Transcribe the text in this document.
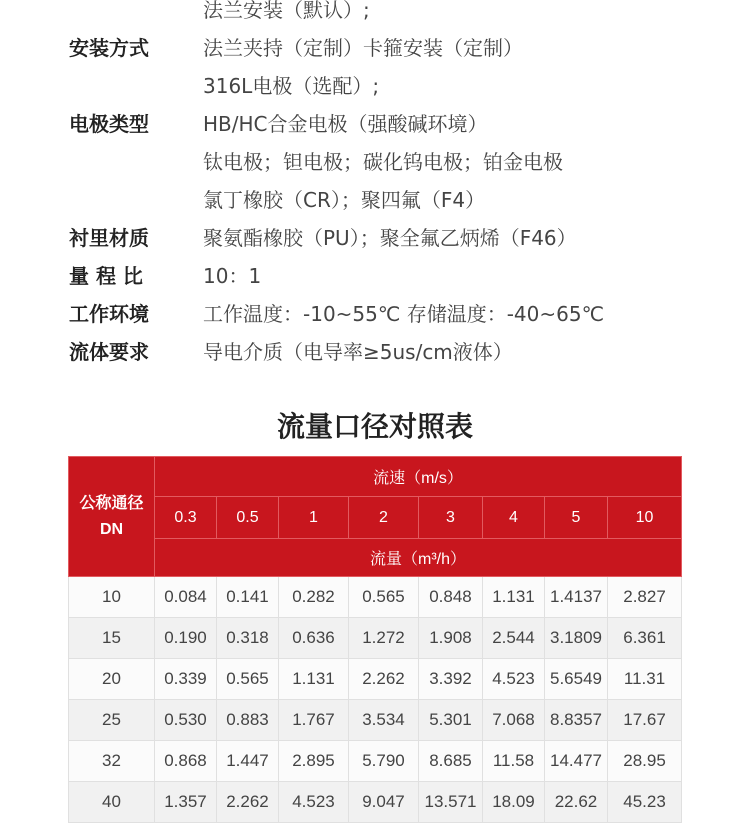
法兰安装（默认）;
安装方式	法兰夹持（定制）卡箍安装（定制）
316L电极（选配）;
电极类型	HB/HC合金电极（强酸碱环境）
钛电极；钽电极；碳化钨电极；铂金电极
氯丁橡胶（CR）；聚四氟（F4）
衬里材质	聚氨酯橡胶（PU）；聚全氟乙炳烯（F46）
量 程 比	10：1
工作环境	工作温度：-10~55℃ 存储温度：-40~65℃
流体要求	导电介质（电导率≥5us/cm液体）
流量口径对照表
公称通径
DN	流速（m/s）							
	0.3	0.5	1	2	3	4	5	10
	流量（m³/h）							
10	0.084	0.141	0.282	0.565	0.848	1.131	1.4137	2.827
15	0.190	0.318	0.636	1.272	1.908	2.544	3.1809	6.361
20	0.339	0.565	1.131	2.262	3.392	4.523	5.6549	11.31
25	0.530	0.883	1.767	3.534	5.301	7.068	8.8357	17.67
32	0.868	1.447	2.895	5.790	8.685	11.58	14.477	28.95
40	1.357	2.262	4.523	9.047	13.571	18.09	22.62	45.23
